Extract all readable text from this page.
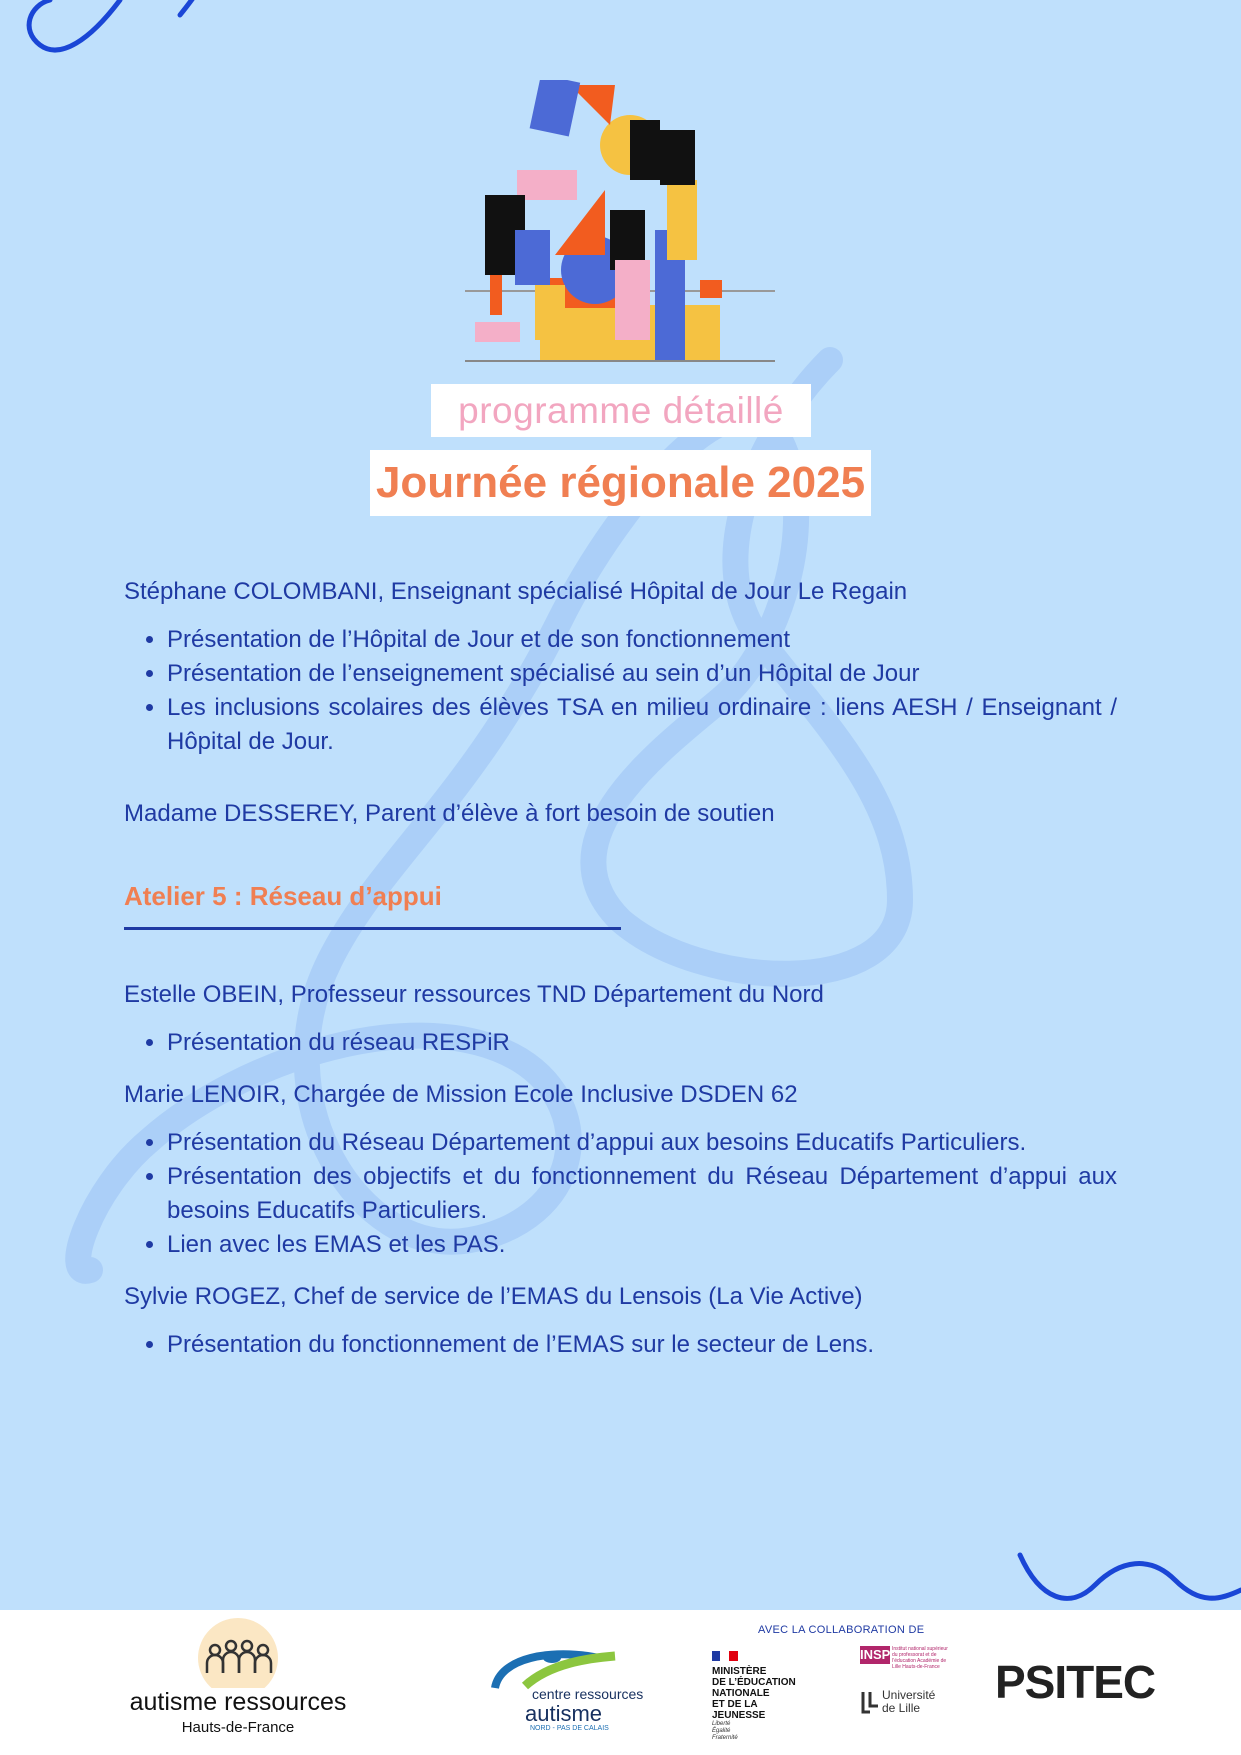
programme détaillé
Journée régionale 2025

Stéphane COLOMBANI, Enseignant spécialisé Hôpital de Jour Le Regain

• Présentation de l’Hôpital de Jour et de son fonctionnement
• Présentation de l’enseignement spécialisé au sein d’un Hôpital de Jour
• Les inclusions scolaires des élèves TSA en milieu ordinaire : liens AESH / Enseignant / Hôpital de Jour.

Madame DESSEREY, Parent d’élève à fort besoin de soutien

Atelier 5 : Réseau d’appui

Estelle OBEIN, Professeur ressources TND Département du Nord

• Présentation du réseau RESPiR

Marie LENOIR, Chargée de Mission Ecole Inclusive DSDEN 62

• Présentation du Réseau Département d’appui aux besoins Educatifs Particuliers.
• Présentation des objectifs et du fonctionnement du Réseau Département d’appui aux besoins Educatifs Particuliers.
• Lien avec les EMAS et les PAS.

Sylvie ROGEZ, Chef de service de l’EMAS du Lensois (La Vie Active)

• Présentation du fonctionnement de l’EMAS sur le secteur de Lens.
autisme ressources
Hauts-de-France
centre ressources
autisme
NORD - PAS DE CALAIS
AVEC LA COLLABORATION DE
MINISTÈRE
DE L’ÉDUCATION
NATIONALE
ET DE LA JEUNESSE
Liberté
Égalité
Fraternité
INSPE
Institut national supérieur du professorat et de l’éducation Académie de Lille Hauts-de-France
Université
de Lille	PSITEC
